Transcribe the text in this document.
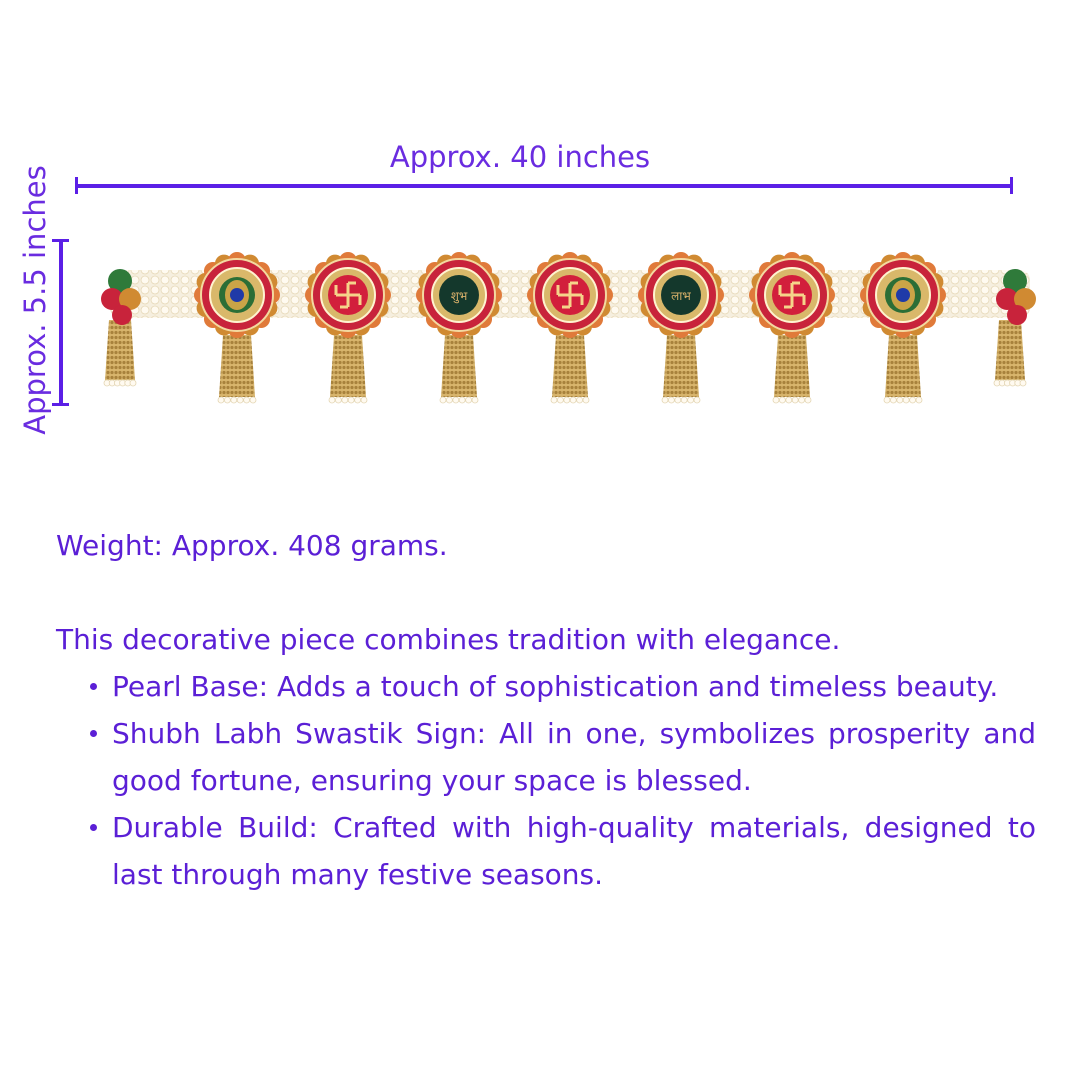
Approx. 40 inches
Approx. 5.5 inches	शुभ	लाभ

Weight: Approx. 408 grams.

This decorative piece combines tradition with elegance.

Pearl Base: Adds a touch of sophistication and timeless beauty.
Shubh Labh Swastik Sign: All in one, symbolizes prosperity and good fortune, ensuring your space is blessed.
Durable Build: Crafted with high-quality materials, designed to last through many festive seasons.
